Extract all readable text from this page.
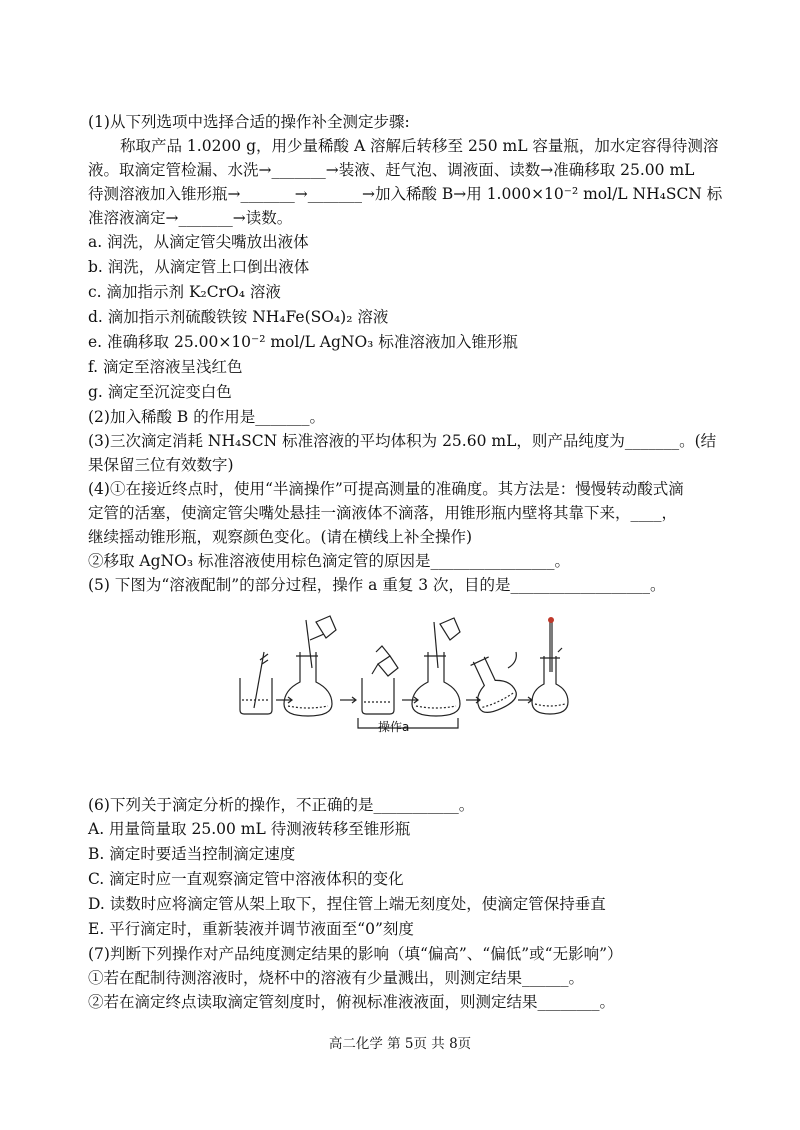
(1)从下列选项中选择合适的操作补全测定步骤:
称取产品 1.0200 g，用少量稀酸 A 溶解后转移至 250 mL 容量瓶，加水定容得待测溶
液。取滴定管检漏、水洗→_______→装液、赶气泡、调液面、读数→准确移取 25.00 mL
待测溶液加入锥形瓶→_______→_______→加入稀酸 B→用 1.000×10⁻² mol/L NH₄SCN 标
准溶液滴定→_______→读数。
a. 润洗，从滴定管尖嘴放出液体
b. 润洗，从滴定管上口倒出液体
c. 滴加指示剂 K₂CrO₄ 溶液
d. 滴加指示剂硫酸铁铵 NH₄Fe(SO₄)₂ 溶液
e. 准确移取 25.00×10⁻² mol/L AgNO₃ 标准溶液加入锥形瓶
f. 滴定至溶液呈浅红色
g. 滴定至沉淀变白色
(2)加入稀酸 B 的作用是_______。
(3)三次滴定消耗 NH₄SCN 标准溶液的平均体积为 25.60 mL，则产品纯度为_______。(结
果保留三位有效数字)
(4)①在接近终点时，使用“半滴操作”可提高测量的准确度。其方法是：慢慢转动酸式滴
定管的活塞，使滴定管尖嘴处悬挂一滴液体不滴落，用锥形瓶内壁将其靠下来，____，
继续摇动锥形瓶，观察颜色变化。(请在横线上补全操作)
②移取 AgNO₃ 标准溶液使用棕色滴定管的原因是________________。
(5) 下图为“溶液配制”的部分过程，操作 a 重复 3 次，目的是__________________。
(6)下列关于滴定分析的操作，不正确的是___________。
A. 用量筒量取 25.00 mL 待测液转移至锥形瓶
B. 滴定时要适当控制滴定速度
C. 滴定时应一直观察滴定管中溶液体积的变化
D. 读数时应将滴定管从架上取下，捏住管上端无刻度处，使滴定管保持垂直
E. 平行滴定时，重新装液并调节液面至“0”刻度
(7)判断下列操作对产品纯度测定结果的影响（填“偏高”、“偏低”或“无影响”）
①若在配制待测溶液时，烧杯中的溶液有少量溅出，则测定结果______。
②若在滴定终点读取滴定管刻度时，俯视标准液液面，则测定结果________。
操作a
高二化学 第 5页 共 8页
